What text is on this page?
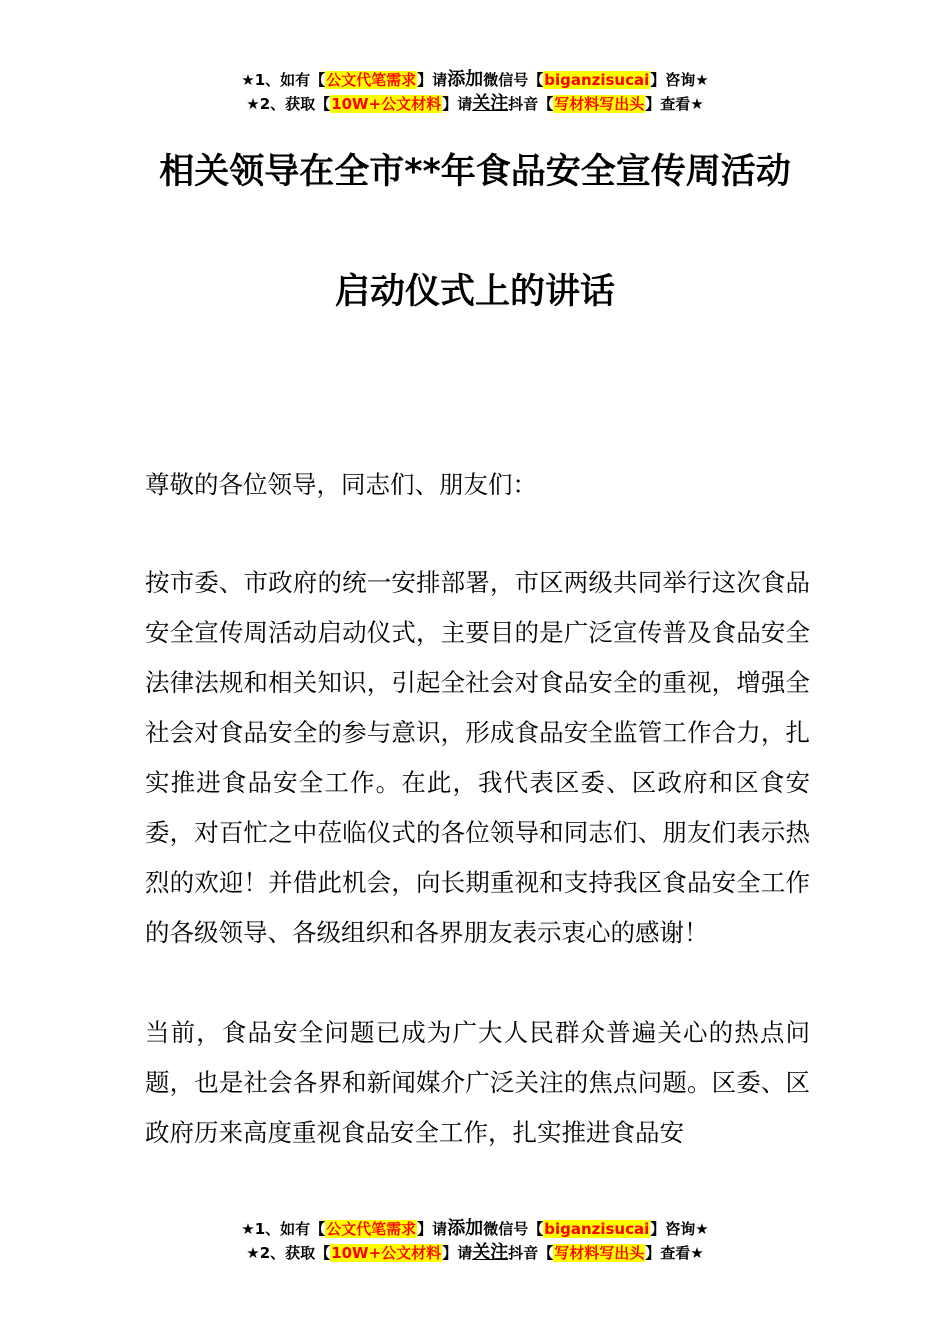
★1、如有【公文代笔需求】请添加微信号【biganzisucai】咨询★
★2、获取【10W+公文材料】请关注抖音【写材料写出头】查看★
相关领导在全市**年食品安全宣传周活动
启动仪式上的讲话
尊敬的各位领导，同志们、朋友们：

按市委、市政府的统一安排部署，市区两级共同举行这次食品安全宣传周活动启动仪式，主要目的是广泛宣传普及食品安全法律法规和相关知识，引起全社会对食品安全的重视，增强全社会对食品安全的参与意识，形成食品安全监管工作合力，扎实推进食品安全工作。在此，我代表区委、区政府和区食安委，对百忙之中莅临仪式的各位领导和同志们、朋友们表示热烈的欢迎！并借此机会，向长期重视和支持我区食品安全工作的各级领导、各级组织和各界朋友表示衷心的感谢！

当前，食品安全问题已成为广大人民群众普遍关心的热点问题，也是社会各界和新闻媒介广泛关注的焦点问题。区委、区政府历来高度重视食品安全工作，扎实推进食品安

★1、如有【公文代笔需求】请添加微信号【biganzisucai】咨询★
★2、获取【10W+公文材料】请关注抖音【写材料写出头】查看★
